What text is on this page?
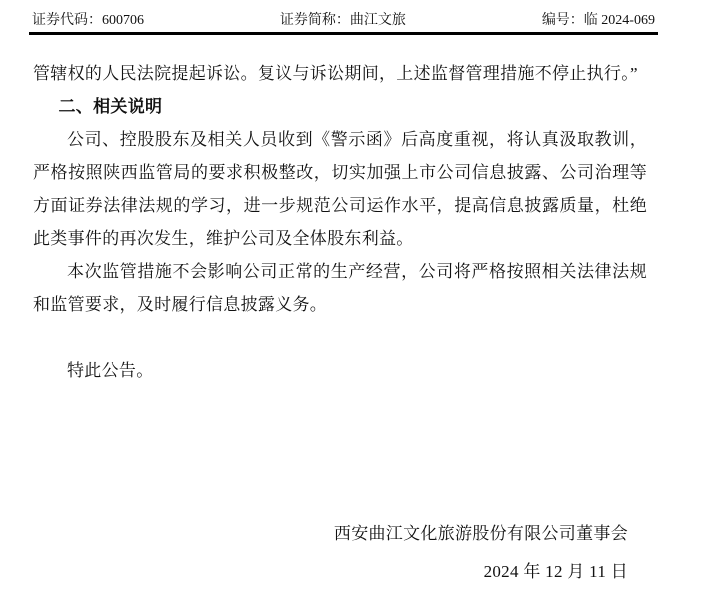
证券代码：600706	证券简称：曲江文旅	编号：临 2024-069

管辖权的人民法院提起诉讼。复议与诉讼期间，上述监督管理措施不停止执行。”

二、相关说明

公司、控股股东及相关人员收到《警示函》后高度重视，将认真汲取教训，严格按照陕西监管局的要求积极整改，切实加强上市公司信息披露、公司治理等方面证券法律法规的学习，进一步规范公司运作水平，提高信息披露质量，杜绝此类事件的再次发生，维护公司及全体股东利益。

本次监管措施不会影响公司正常的生产经营，公司将严格按照相关法律法规和监管要求，及时履行信息披露义务。

特此公告。

西安曲江文化旅游股份有限公司董事会

2024 年 12 月 11 日
